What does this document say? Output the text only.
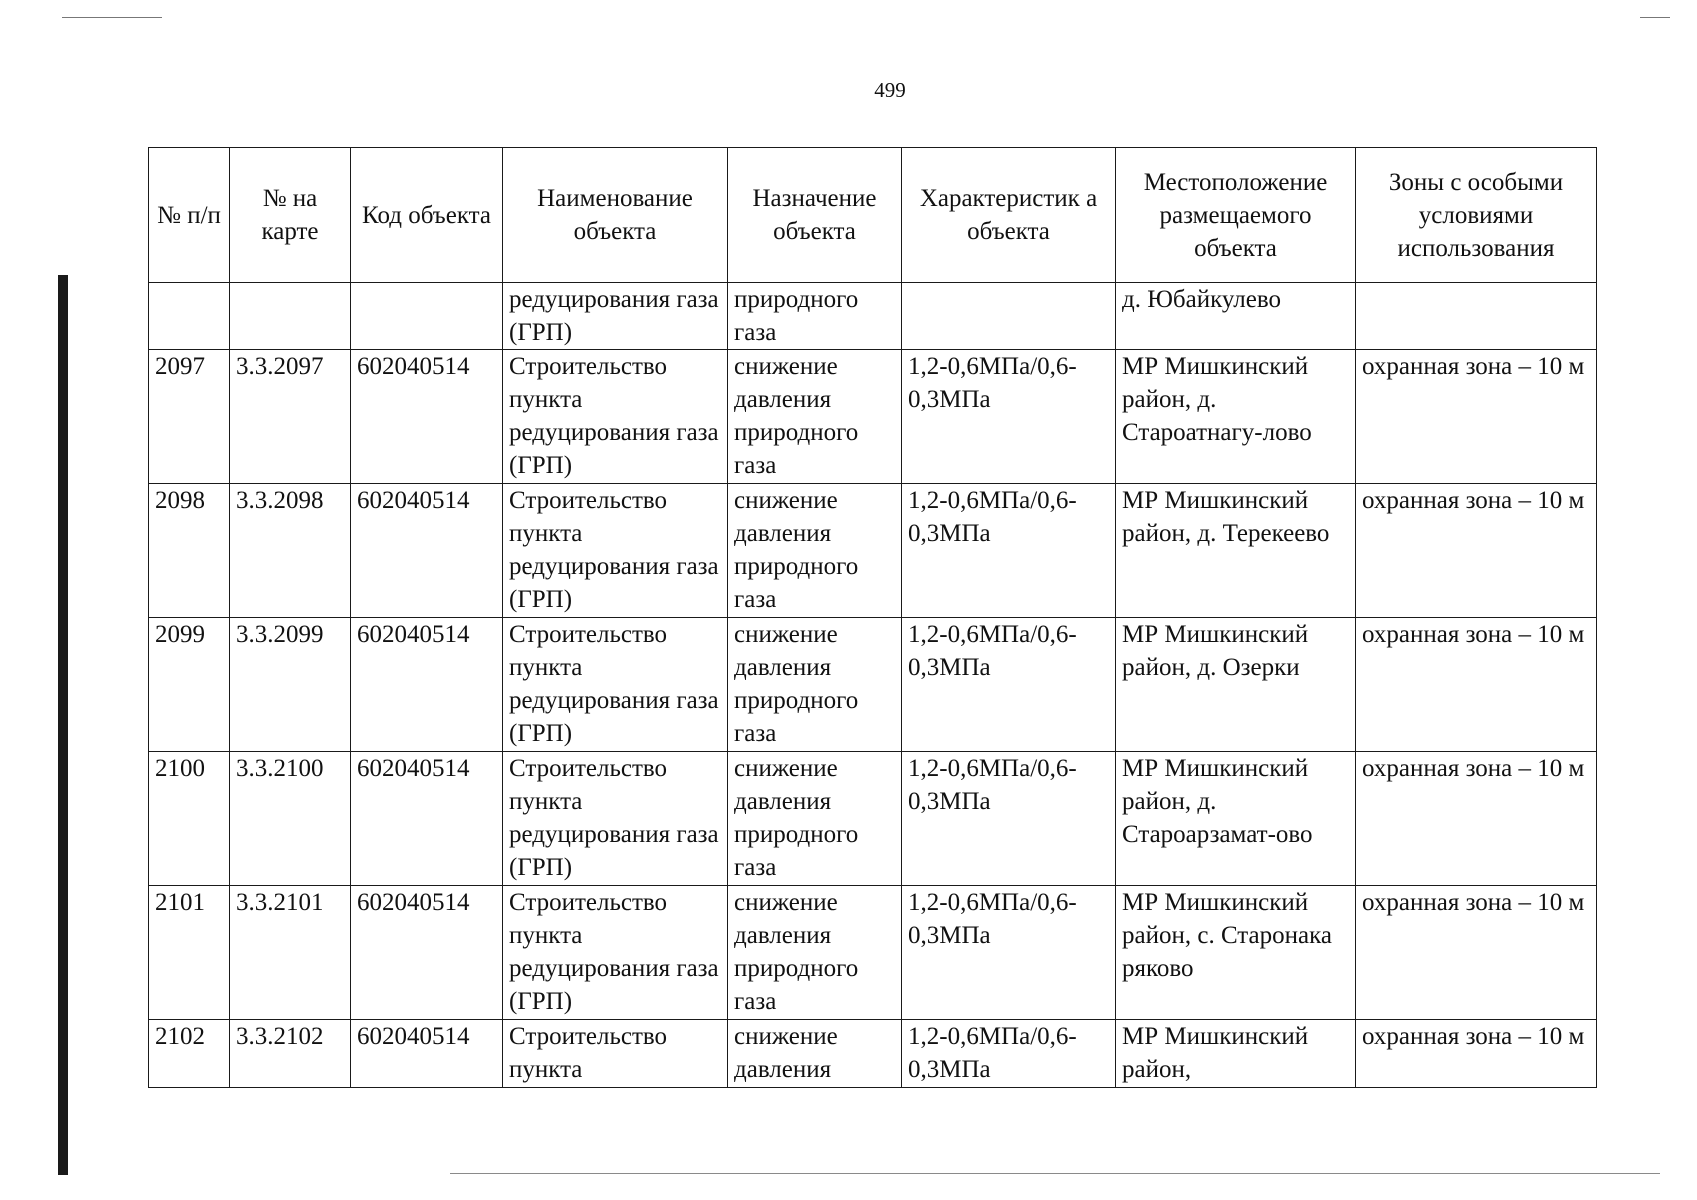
499
№ п/п	№ на карте	Код объекта	Наименование объекта	Назначение объекта	Характеристик а объекта	Местоположение размещаемого объекта	Зоны с особыми условиями использования
			редуцирования газа (ГРП)	природного газа		д. Юбайкулево	
2097	3.3.2097	602040514	Строительство пункта редуцирования газа (ГРП)	снижение давления природного газа	1,2-0,6МПа/0,6-0,3МПа	МР Мишкинский район, д. Староатнагу-лово	охранная зона – 10 м
2098	3.3.2098	602040514	Строительство пункта редуцирования газа (ГРП)	снижение давления природного газа	1,2-0,6МПа/0,6-0,3МПа	МР Мишкинский район, д. Терекеево	охранная зона – 10 м
2099	3.3.2099	602040514	Строительство пункта редуцирования газа (ГРП)	снижение давления природного газа	1,2-0,6МПа/0,6-0,3МПа	МР Мишкинский район, д. Озерки	охранная зона – 10 м
2100	3.3.2100	602040514	Строительство пункта редуцирования газа (ГРП)	снижение давления природного газа	1,2-0,6МПа/0,6-0,3МПа	МР Мишкинский район, д. Староарзамат-ово	охранная зона – 10 м
2101	3.3.2101	602040514	Строительство пункта редуцирования газа (ГРП)	снижение давления природного газа	1,2-0,6МПа/0,6-0,3МПа	МР Мишкинский район, с. Старонака ряково	охранная зона – 10 м
2102	3.3.2102	602040514	Строительство пункта	снижение давления	1,2-0,6МПа/0,6-0,3МПа	МР Мишкинский район,	охранная зона – 10 м
